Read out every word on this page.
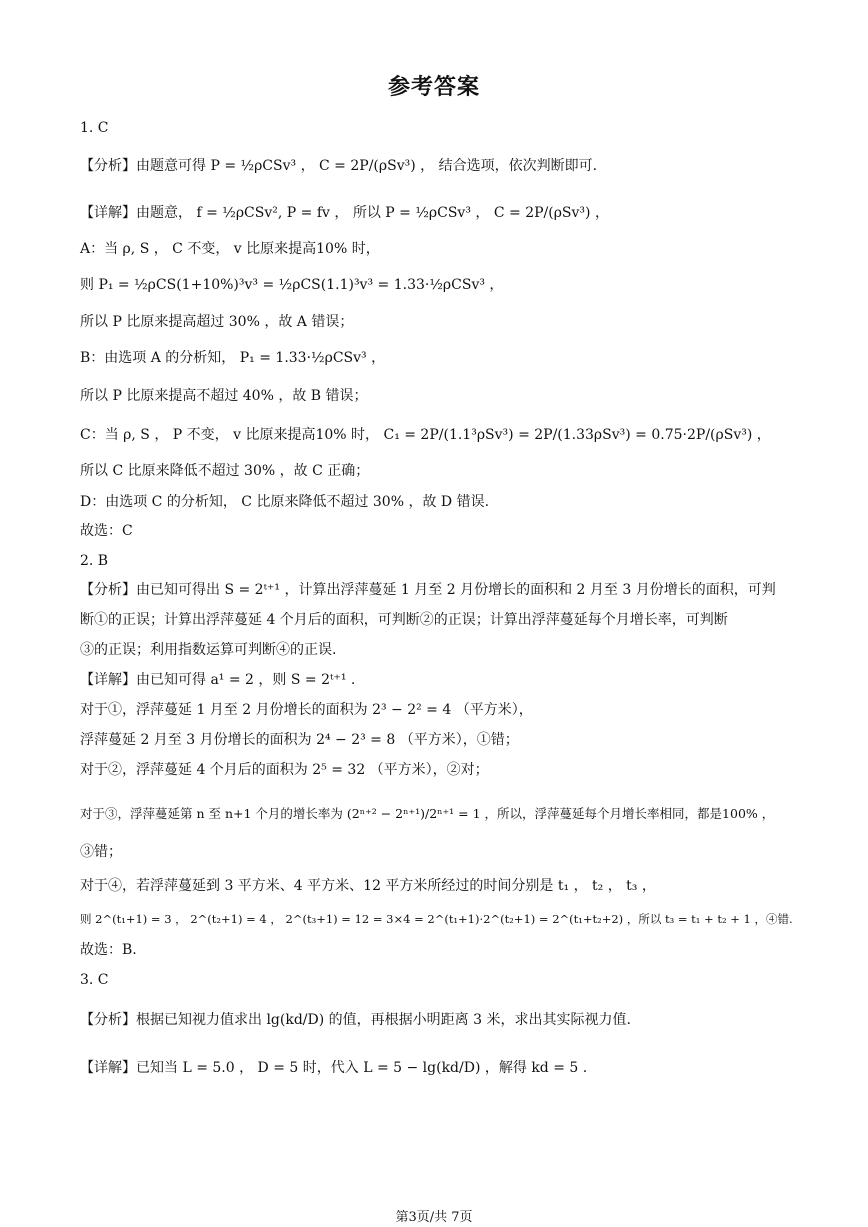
参考答案
1. C
【分析】由题意可得 P = ½ρCSv³ ， C = 2P/(ρSv³) ， 结合选项，依次判断即可.
【详解】由题意， f = ½ρCSv², P = fv ， 所以 P = ½ρCSv³ ， C = 2P/(ρSv³) ，
A：当 ρ, S ， C 不变， v 比原来提高10% 时，
则 P₁ = ½ρCS(1+10%)³v³ = ½ρCS(1.1)³v³ = 1.33·½ρCSv³ ，
所以 P 比原来提高超过 30% ，故 A 错误；
B：由选项 A 的分析知， P₁ = 1.33·½ρCSv³ ，
所以 P 比原来提高不超过 40% ，故 B 错误；
C：当 ρ, S ， P 不变， v 比原来提高10% 时， C₁ = 2P/(1.1³ρSv³) = 2P/(1.33ρSv³) = 0.75·2P/(ρSv³) ，
所以 C 比原来降低不超过 30% ，故 C 正确；
D：由选项 C 的分析知， C 比原来降低不超过 30% ，故 D 错误.
故选：C
2. B
【分析】由已知可得出 S = 2ᵗ⁺¹ ，计算出浮萍蔓延 1 月至 2 月份增长的面积和 2 月至 3 月份增长的面积，可判
断①的正误；计算出浮萍蔓延 4 个月后的面积，可判断②的正误；计算出浮萍蔓延每个月增长率，可判断
③的正误；利用指数运算可判断④的正误.
【详解】由已知可得 a¹ = 2 ，则 S = 2ᵗ⁺¹ .
对于①，浮萍蔓延 1 月至 2 月份增长的面积为 2³ − 2² = 4 （平方米），
浮萍蔓延 2 月至 3 月份增长的面积为 2⁴ − 2³ = 8 （平方米），①错；
对于②，浮萍蔓延 4 个月后的面积为 2⁵ = 32 （平方米），②对；
对于③，浮萍蔓延第 n 至 n+1 个月的增长率为 (2ⁿ⁺² − 2ⁿ⁺¹)/2ⁿ⁺¹ = 1 ，所以，浮萍蔓延每个月增长率相同，都是100% ，
③错；
对于④，若浮萍蔓延到 3 平方米、4 平方米、12 平方米所经过的时间分别是 t₁ ， t₂ ， t₃ ，
则 2^(t₁+1) = 3 ， 2^(t₂+1) = 4 ， 2^(t₃+1) = 12 = 3×4 = 2^(t₁+1)·2^(t₂+1) = 2^(t₁+t₂+2) ，所以 t₃ = t₁ + t₂ + 1 ，④错.
故选：B.
3. C
【分析】根据已知视力值求出 lg(kd/D) 的值，再根据小明距离 3 米，求出其实际视力值.
【详解】已知当 L = 5.0 ， D = 5 时，代入 L = 5 − lg(kd/D) ，解得 kd = 5 .
第3页/共 7页
